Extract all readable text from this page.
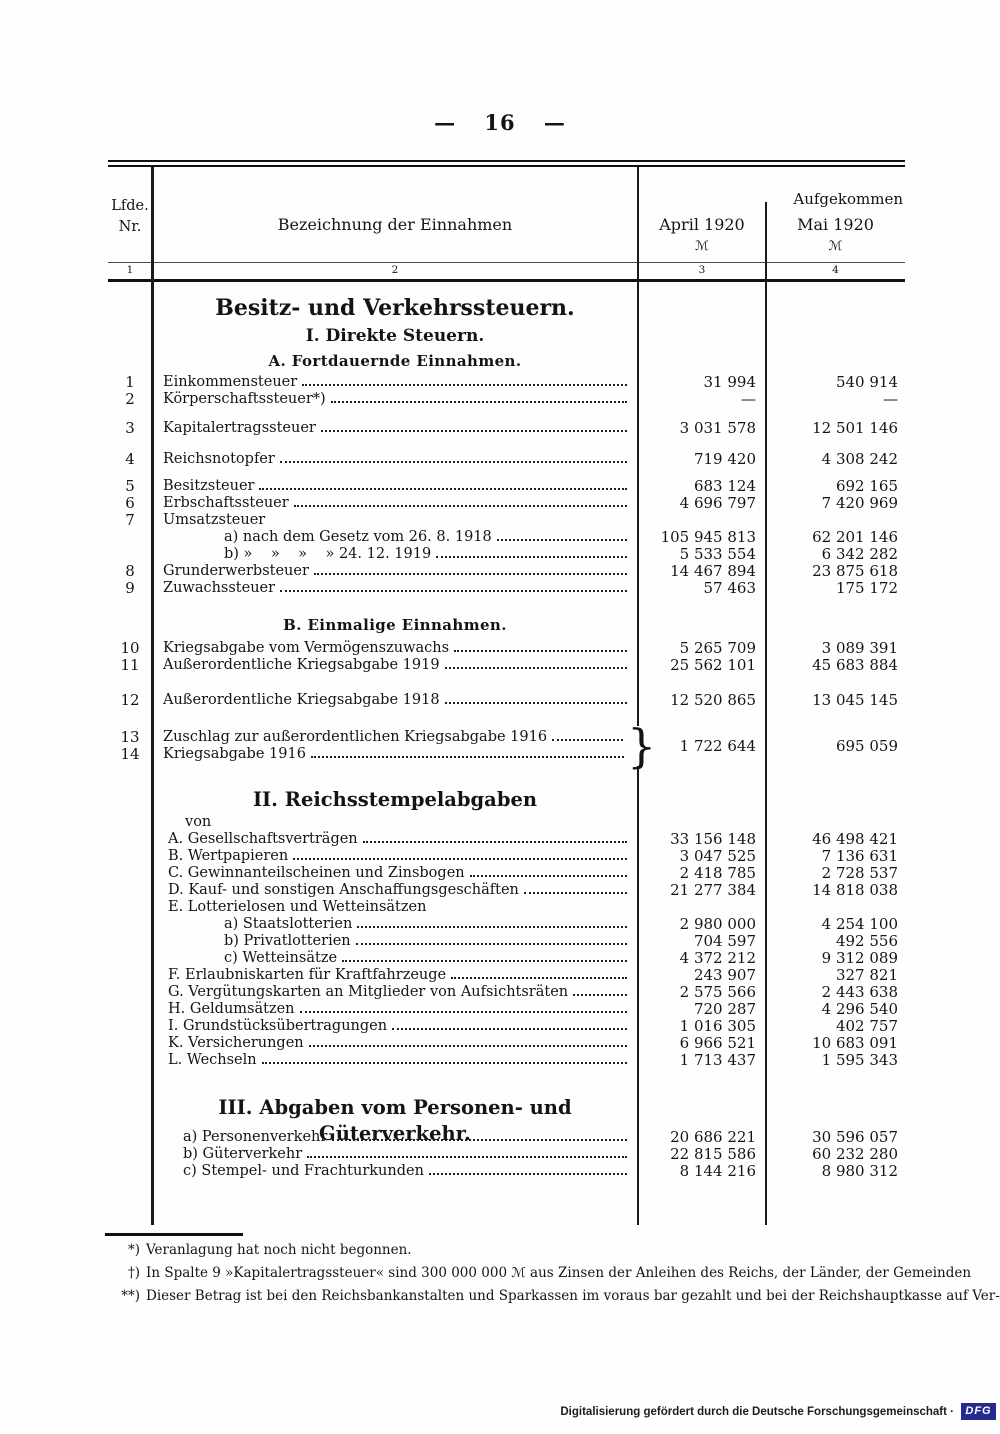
— 16 —
Lfde.
Nr.	Bezeichnung der Einnahmen	April 1920
ℳ
Aufgekommen
Mai 1920
ℳ
1	2	3	4
Besitz- und Verkehrssteuern.
I. Direkte Steuern.
A. Fortdauernde Einnahmen.
1	Einkommensteuer	31 994	540 914
2	Körperschaftssteuer*)	—	—
3	Kapitalertragssteuer	3 031 578	12 501 146
4	Reichsnotopfer	719 420	4 308 242
5	Besitzsteuer	683 124	692 165
6	Erbschaftssteuer	4 696 797	7 420 969
7	Umsatzsteuer
a) nach dem Gesetz vom 26. 8. 1918	105 945 813	62 201 146
b) »    »    »    » 24. 12. 1919	5 533 554	6 342 282
8	Grunderwerbsteuer	14 467 894	23 875 618
9	Zuwachssteuer	57 463	175 172
B. Einmalige Einnahmen.
10	Kriegsabgabe vom Vermögenszuwachs	5 265 709	3 089 391
11	Außerordentliche Kriegsabgabe 1919	25 562 101	45 683 884
12	Außerordentliche Kriegsabgabe 1918	12 520 865	13 045 145
13	Zuschlag zur außerordentlichen Kriegsabgabe 1916
14	Kriegsabgabe 1916	}	1 722 644	695 059
II. Reichsstempelabgaben
von
A. Gesellschaftsverträgen	33 156 148	46 498 421
B. Wertpapieren	3 047 525	7 136 631
C. Gewinnanteilscheinen und Zinsbogen	2 418 785	2 728 537
D. Kauf- und sonstigen Anschaffungsgeschäften	21 277 384	14 818 038
E. Lotterielosen und Wetteinsätzen
a) Staatslotterien	2 980 000	4 254 100
b) Privatlotterien	704 597	492 556
c) Wetteinsätze	4 372 212	9 312 089
F. Erlaubniskarten für Kraftfahrzeuge	243 907	327 821
G. Vergütungskarten an Mitglieder von Aufsichtsräten	2 575 566	2 443 638
H. Geldumsätzen	720 287	4 296 540
I. Grundstücksübertragungen	1 016 305	402 757
K. Versicherungen	6 966 521	10 683 091
L. Wechseln	1 713 437	1 595 343
III. Abgaben vom Personen- und Güterverkehr.
a) Personenverkehr	20 686 221	30 596 057
b) Güterverkehr	22 815 586	60 232 280
c) Stempel- und Frachturkunden	8 144 216	8 980 312
*) Veranlagung hat noch nicht begonnen.
†) In Spalte 9 »Kapitalertragssteuer« sind 300 000 000 ℳ aus Zinsen der Anleihen des Reichs, der Länder, der Gemeinden
**) Dieser Betrag ist bei den Reichsbankanstalten und Sparkassen im voraus bar gezahlt und bei der Reichshauptkasse auf Ver-
Digitalisierung gefördert durch die Deutsche Forschungsgemeinschaft ·	DFG
